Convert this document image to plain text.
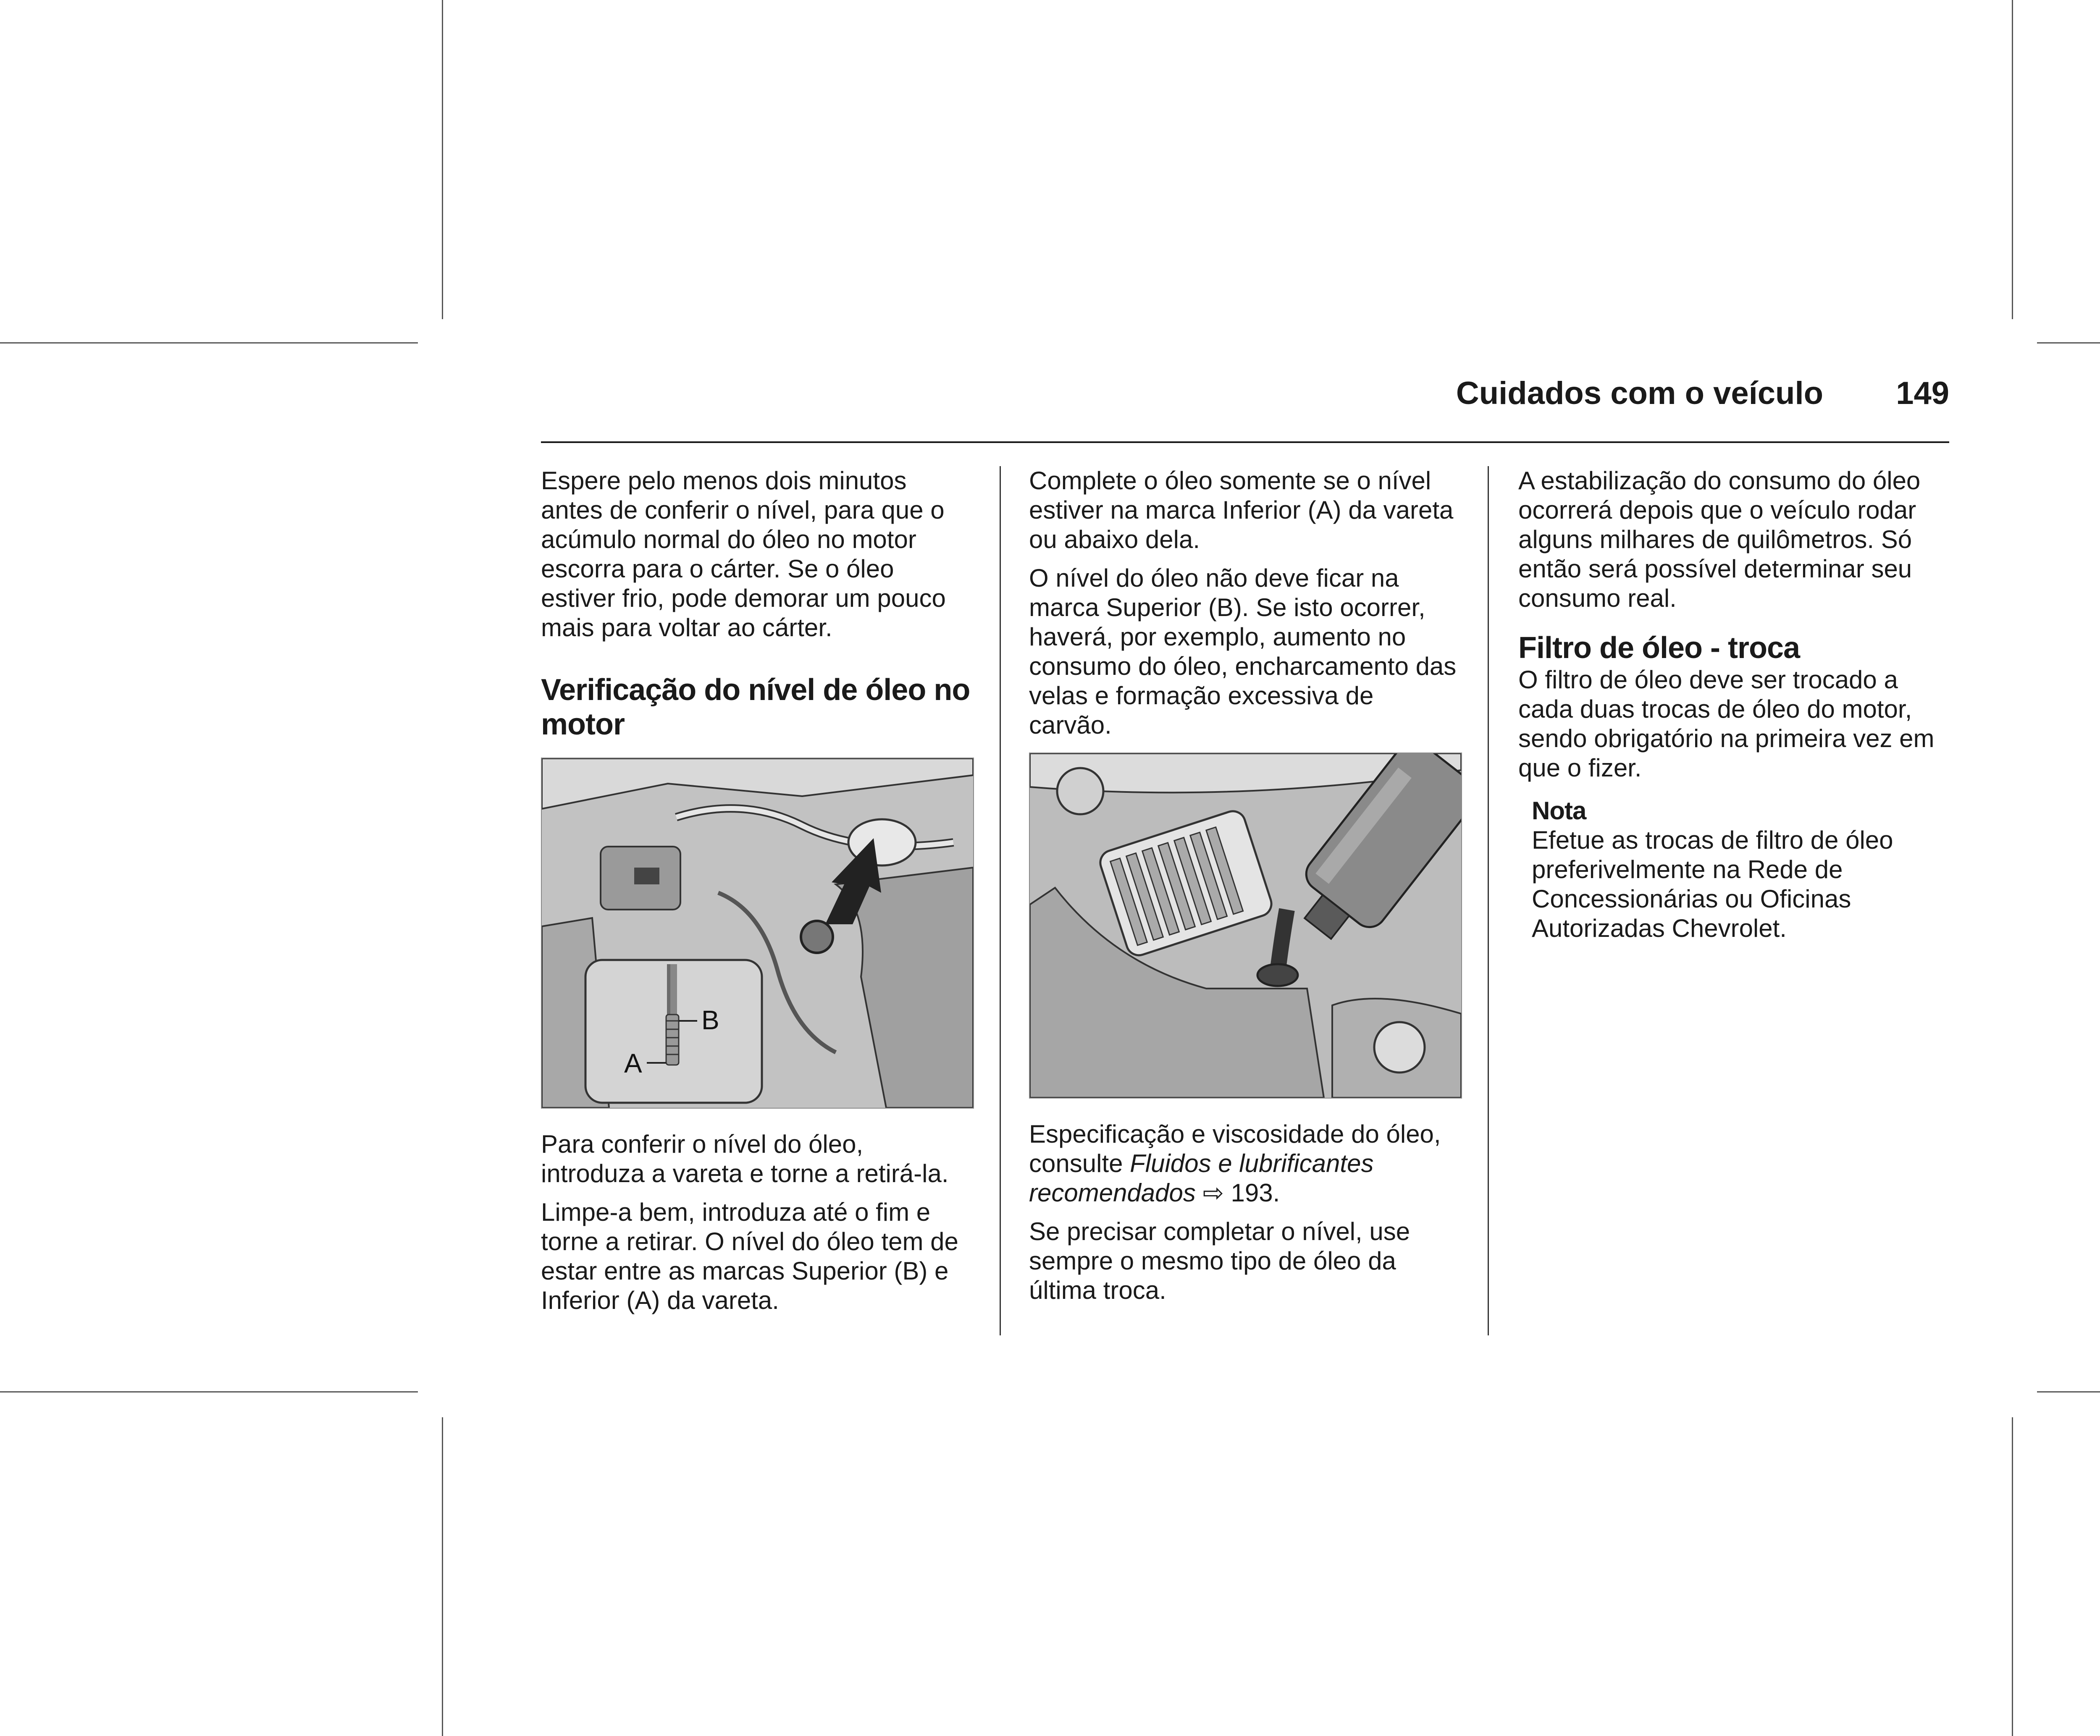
Cuidados com o veículo 149

Espere pelo menos dois minutos antes de conferir o nível, para que o acúmulo normal do óleo no motor escorra para o cárter. Se o óleo estiver frio, pode demorar um pouco mais para voltar ao cárter.

Verificação do nível de óleo no motor
B
A

Para conferir o nível do óleo, introduza a vareta e torne a retirá-la.

Limpe-a bem, introduza até o fim e torne a retirar. O nível do óleo tem de estar entre as marcas Superior (B) e Inferior (A) da vareta.

Complete o óleo somente se o nível estiver na marca Inferior (A) da vareta ou abaixo dela.

O nível do óleo não deve ficar na marca Superior (B). Se isto ocorrer, haverá, por exemplo, aumento no consumo do óleo, encharcamento das velas e formação excessiva de carvão.

Especificação e viscosidade do óleo, consulte Fluidos e lubrificantes recomendados ⇨ 193.

Se precisar completar o nível, use sempre o mesmo tipo de óleo da última troca.

A estabilização do consumo do óleo ocorrerá depois que o veículo rodar alguns milhares de quilômetros. Só então será possível determinar seu consumo real.

Filtro de óleo - troca

O filtro de óleo deve ser trocado a cada duas trocas de óleo do motor, sendo obrigatório na primeira vez em que o fizer.

Nota

Efetue as trocas de filtro de óleo preferivelmente na Rede de Concessionárias ou Oficinas Autorizadas Chevrolet.
